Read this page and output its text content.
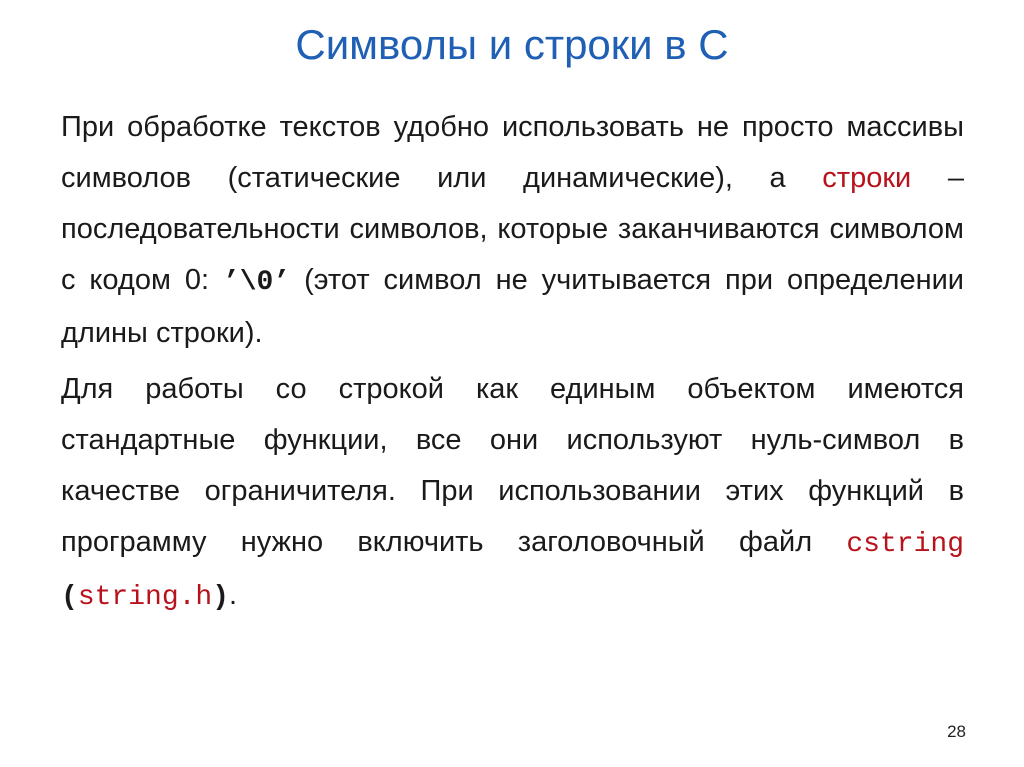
Символы и строки в С

При обработке текстов удобно использовать не просто массивы символов (статические или динамические), а строки – последовательности символов, которые заканчиваются символом с кодом 0: ’\0’ (этот символ не учитывается при определении длины строки).

Для работы со строкой как единым объектом имеются стандартные функции, все они используют нуль-символ в качестве ограничителя. При использовании этих функций в программу нужно включить заголовочный файл cstring (string.h).

28
